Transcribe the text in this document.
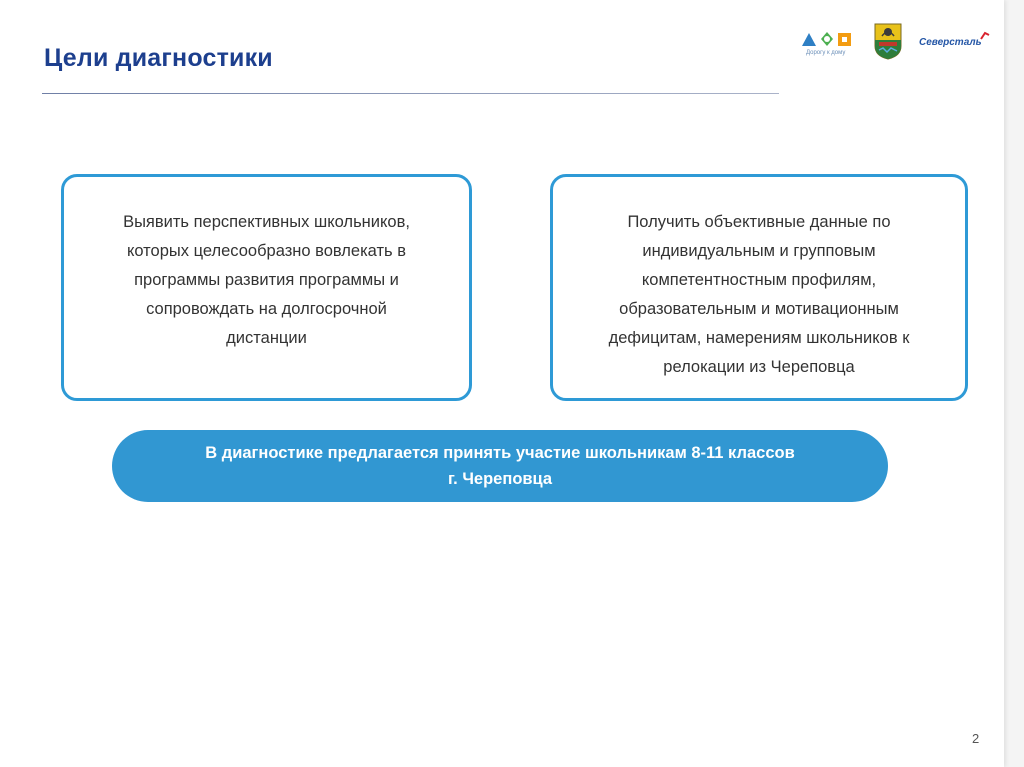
Цели диагностики	Дорогу к дому
Северсталь

Выявить перспективных школьников,
которых целесообразно вовлекать в
программы развития программы и
сопровождать на долгосрочной
дистанции

Получить объективные данные по
индивидуальным и групповым
компетентностным профилям,
образовательным и мотивационным
дефицитам, намерениям школьников к
релокации из Череповца

В диагностике предлагается принять участие школьникам 8-11 классов
г. Череповца

2
